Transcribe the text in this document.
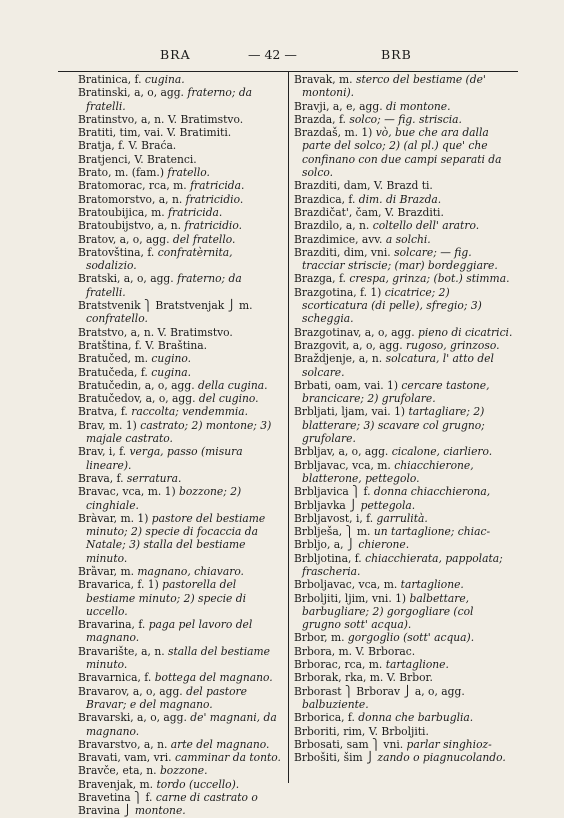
BRA	— 42 —	BRB
Bratinica, f. cugina.
Bratinski, a, o, agg. fraterno; da fratelli.
Bratinstvo, a, n. V. Bratimstvo.
Bratiti, tim, vai. V. Bratimiti.
Bratja, f. V. Braća.
Bratjenci, V. Bratenci.
Brato, m. (fam.) fratello.
Bratomorac, rca, m. fratricida.
Bratomorstvo, a, n. fratricidio.
Bratoubijica, m. fratricida.
Bratoubijstvo, a, n. fratricidio.
Bratov, a, o, agg. del fratello.
Bratovština, f. confratèrnita, sodalizio.
Bratski, a, o, agg. fraterno; da fratelli.
Bratstvenik ⎫ Bratstvenjak ⎭ m. confratello.
Bratstvo, a, n. V. Bratimstvo.
Bratština, f. V. Braština.
Bratučed, m. cugino.
Bratučeda, f. cugina.
Bratučedin, a, o, agg. della cugina.
Bratučedov, a, o, agg. del cugino.
Bratva, f. raccolta; vendemmia.
Brav, m. 1) castrato; 2) montone; 3) majale castrato.
Brav, i, f. verga, passo (misura lineare).
Brava, f. serratura.
Bravac, vca, m. 1) bozzone; 2) cinghiale.
Bràvar, m. 1) pastore del bestiame minuto; 2) specie di focaccia da Natale; 3) stalla del bestiame minuto.
Brȁvar, m. magnano, chiavaro.
Bravarica, f. 1) pastorella del bestiame minuto; 2) specie di uccello.
Bravarina, f. paga pel lavoro del magnano.
Bravarište, a, n. stalla del bestiame minuto.
Bravarnica, f. bottega del magnano.
Bravarov, a, o, agg. del pastore Bravar; e del magnano.
Bravarski, a, o, agg. de' magnani, da magnano.
Bravarstvo, a, n. arte del magnano.
Bravati, vam, vri. camminar da tonto.
Bravče, eta, n. bozzone.
Bravenjak, m. tordo (uccello).
Bravetina ⎫ f. carne di castrato o
Bravina ⎭ montone.
Bravak, m. sterco del bestiame (de' montoni).
Bravji, a, e, agg. di montone.
Brazda, f. solco; — fig. striscia.
Brazdaš, m. 1) vò, bue che ara dalla parte del solco; 2) (al pl.) que' che confinano con due campi separati da solco.
Brazditi, dam, V. Brazd ti.
Brazdica, f. dim. di Brazda.
Brazdičat', čam, V. Brazditi.
Brazdilo, a, n. coltello dell' aratro.
Brazdimice, avv. a solchi.
Brazditi, dim, vni. solcare; — fig. tracciar striscie; (mar) bordeggiare.
Brazga, f. crespa, grinza; (bot.) stimma.
Brazgotina, f. 1) cicatrice; 2) scorticatura (di pelle), sfregio; 3) scheggia.
Brazgotinav, a, o, agg. pieno di cicatrici.
Brazgovit, a, o, agg. rugoso, grinzoso.
Braždjenje, a, n. solcatura, l' atto del solcare.
Brbati, oam, vai. 1) cercare tastone, brancicare; 2) grufolare.
Brbljati, ljam, vai. 1) tartagliare; 2) blatterare; 3) scavare col grugno; grufolare.
Brbljav, a, o, agg. cicalone, ciarliero.
Brbljavac, vca, m. chiacchierone, blatterone, pettegolo.
Brbljavica ⎫ f. donna chiacchierona,
Brbljavka ⎭ pettegola.
Brbljavost, i, f. garrulità.
Brblješa, ⎫ m. un tartaglione; chiac-
Brbljo, a, ⎭ chierone.
Brbljotina, f. chiacchierata, pappolata; frascheria.
Brboljavac, vca, m. tartaglione.
Brboljiti, ljim, vni. 1) balbettare, barbugliare; 2) gorgogliare (col grugno sott' acqua).
Brbor, m. gorgoglio (sott' acqua).
Brbora, m. V. Brborac.
Brborac, rca, m. tartaglione.
Brborak, rka, m. V. Brbor.
Brborast ⎫ Brborav ⎭ a, o, agg. balbuziente.
Brborica, f. donna che barbuglia.
Brboriti, rim, V. Brboljiti.
Brbosati, sam ⎫ vni. parlar singhioz-
Brbošiti, šim ⎭ zando o piagnucolando.
